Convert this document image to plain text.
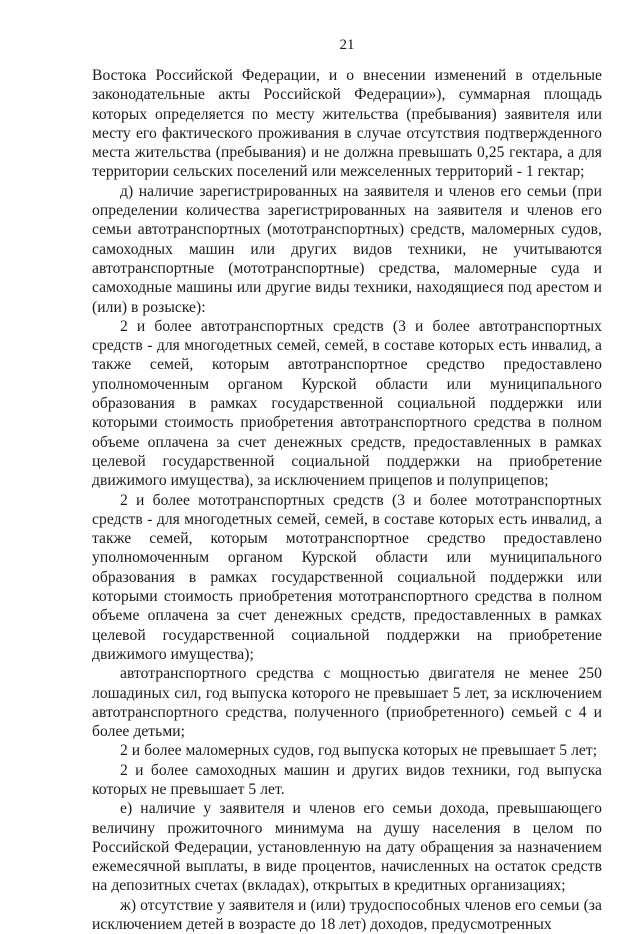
21

Востока Российской Федерации, и о внесении изменений в отдельные законодательные акты Российской Федерации»), суммарная площадь которых определяется по месту жительства (пребывания) заявителя или месту его фактического проживания в случае отсутствия подтвержденного места жительства (пребывания) и не должна превышать 0,25 гектара, а для территории сельских поселений или межселенных территорий - 1 гектар;

д) наличие зарегистрированных на заявителя и членов его семьи (при определении количества зарегистрированных на заявителя и членов его семьи автотранспортных (мототранспортных) средств, маломерных судов, самоходных машин или других видов техники, не учитываются автотранспортные (мототранспортные) средства, маломерные суда и самоходные машины или другие виды техники, находящиеся под арестом и (или) в розыске):

2 и более автотранспортных средств (3 и более автотранспортных средств - для многодетных семей, семей, в составе которых есть инвалид, а также семей, которым автотранспортное средство предоставлено уполномоченным органом Курской области или муниципального образования в рамках государственной социальной поддержки или которыми стоимость приобретения автотранспортного средства в полном объеме оплачена за счет денежных средств, предоставленных в рамках целевой государственной социальной поддержки на приобретение движимого имущества), за исключением прицепов и полуприцепов;

2 и более мототранспортных средств (3 и более мототранспортных средств - для многодетных семей, семей, в составе которых есть инвалид, а также семей, которым мототранспортное средство предоставлено уполномоченным органом Курской области или муниципального образования в рамках государственной социальной поддержки или которыми стоимость приобретения мототранспортного средства в полном объеме оплачена за счет денежных средств, предоставленных в рамках целевой государственной социальной поддержки на приобретение движимого имущества);

автотранспортного средства с мощностью двигателя не менее 250 лошадиных сил, год выпуска которого не превышает 5 лет, за исключением автотранспортного средства, полученного (приобретенного) семьей с 4 и более детьми;

2 и более маломерных судов, год выпуска которых не превышает 5 лет;

2 и более самоходных машин и других видов техники, год выпуска которых не превышает 5 лет.

е) наличие у заявителя и членов его семьи дохода, превышающего величину прожиточного минимума на душу населения в целом по Российской Федерации, установленную на дату обращения за назначением ежемесячной выплаты, в виде процентов, начисленных на остаток средств на депозитных счетах (вкладах), открытых в кредитных организациях;

ж) отсутствие у заявителя и (или) трудоспособных членов его семьи (за исключением детей в возрасте до 18 лет) доходов, предусмотренных
